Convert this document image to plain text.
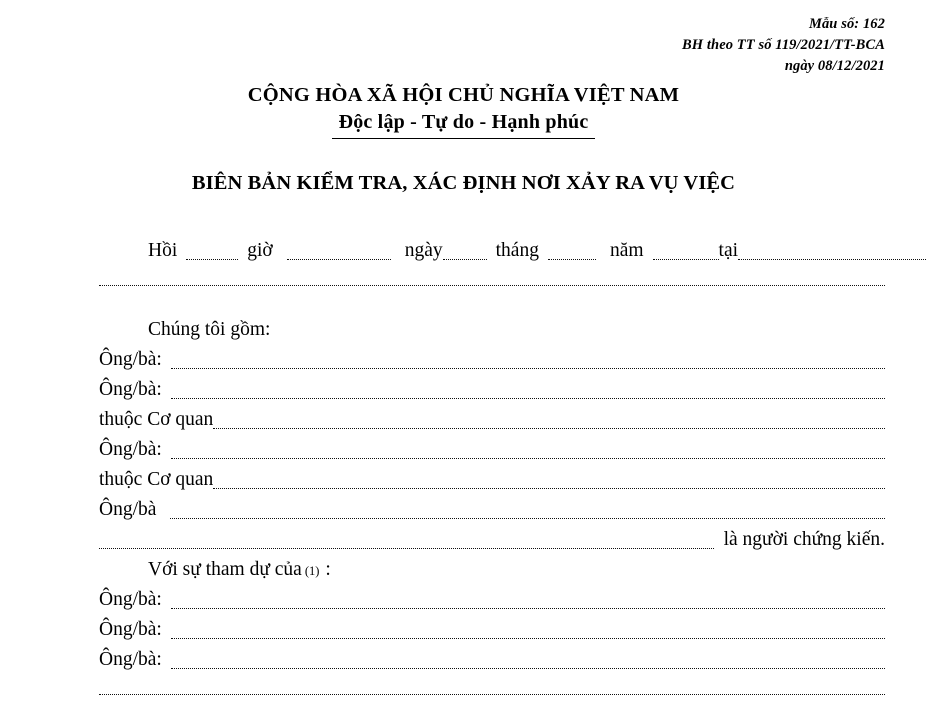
Mẫu số: 162
BH theo TT số 119/2021/TT-BCA
ngày 08/12/2021
CỘNG HÒA XÃ HỘI CHỦ NGHĨA VIỆT NAM
Độc lập - Tự do - Hạnh phúc
BIÊN BẢN KIỂM TRA, XÁC ĐỊNH NƠI XẢY RA VỤ VIỆC
Hồi	giờ	ngày	tháng	năm	tại
Chúng tôi gồm:
Ông/bà:
Ông/bà:
thuộc Cơ quan
Ông/bà:
thuộc Cơ quan
Ông/bà
là người chứng kiến.
Với sự tham dự của (1) :
Ông/bà:
Ông/bà:
Ông/bà:
